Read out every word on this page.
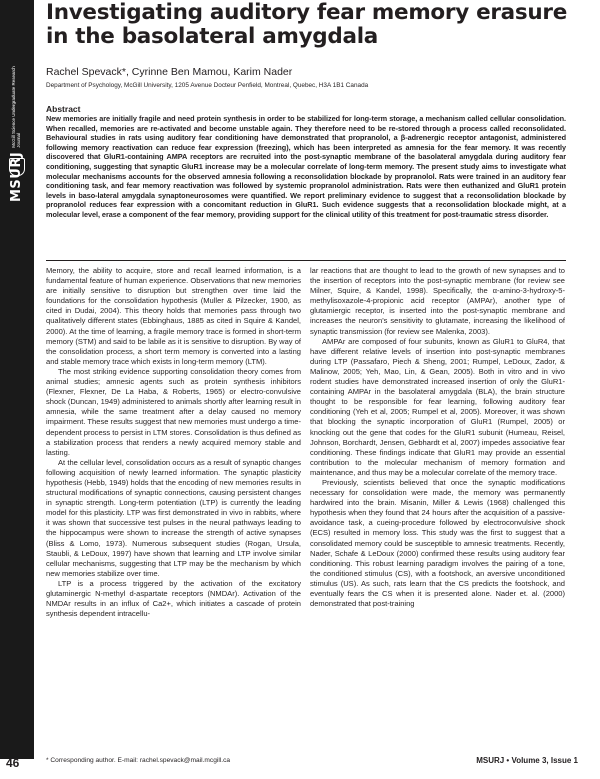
MSURJ
McGill Science Undergraduate Research Journal
Investigating auditory fear memory erasure in the basolateral amygdala
Rachel Spevack*, Cyrinne Ben Mamou, Karim Nader
Department of Psychology, McGill University, 1205 Avenue Docteur Penfield, Montreal, Quebec, H3A 1B1 Canada
Abstract

New memories are initially fragile and need protein synthesis in order to be stabilized for long-term storage, a mechanism called cellular consolidation. When recalled, memories are re-activated and become unstable again. They therefore need to be re-stored through a process called reconsolidated. Behavioural studies in rats using auditory fear conditioning have demonstrated that propranolol, a β-adrenergic receptor antagonist, administered following memory reactivation can reduce fear expression (freezing), which has been interpreted as amnesia for the fear memory. It was recently discovered that GluR1-containing AMPA receptors are recruited into the post-synaptic membrane of the basolateral amygdala during auditory fear conditioning, suggesting that synaptic GluR1 increase may be a molecular correlate of long-term memory. The present study aims to investigate what molecular mechanisms accounts for the observed amnesia following a reconsolidation blockade by propranolol. Rats were trained in an auditory fear conditioning task, and fear memory reactivation was followed by systemic propranolol administration. Rats were then euthanized and GluR1 protein levels in baso-lateral amygdala synaptoneurosomes were quantified. We report preliminary evidence to suggest that a reconsolidation blockade by propranolol reduces fear expression with a concomitant reduction in GluR1. Such evidence suggests that a reconsolidation blockade might, at a molecular level, erase a component of the fear memory, providing support for the clinical utility of this treatment for post-traumatic stress disorder.

Memory, the ability to acquire, store and recall learned information, is a fundamental feature of human experience. Observations that new memories are initially sensitive to disruption but strengthen over time laid the foundations for the consolidation hypothesis (Muller & Pilzecker, 1900, as cited in Dudai, 2004). This theory holds that memories pass through two qualitatively different states (Ebbinghaus, 1885 as cited in Squire & Kandel, 2000). At the time of learning, a fragile memory trace is formed in short-term memory (STM) and said to be labile as it is sensitive to disruption. By way of the consolidation process, a short term memory is converted into a lasting and stable memory trace which exists in long-term memory (LTM).

The most striking evidence supporting consolidation theory comes from animal studies; amnesic agents such as protein synthesis inhibitors (Flexner, Flexner, De La Haba, & Roberts, 1965) or electro-convulsive shock (Duncan, 1949) administered to animals shortly after learning result in amnesia, while the same treatment after a delay caused no memory impairment. These results suggest that new memories must undergo a time-dependent process to persist in LTM stores. Consolidation is thus defined as a stabilization process that renders a newly acquired memory stable and lasting.

At the cellular level, consolidation occurs as a result of synaptic changes following acquisition of newly learned information. The synaptic plasticity hypothesis (Hebb, 1949) holds that the encoding of new memories results in structural modifications of synaptic connections, causing persistent changes in synaptic strength. Long-term potentiation (LTP) is currently the leading model for this plasticity. LTP was first demonstrated in vivo in rabbits, where it was shown that successive test pulses in the neural pathways leading to the hippocampus were shown to increase the strength of active synapses (Bliss & Lomo, 1973). Numerous subsequent studies (Rogan, Ursula, Staubli, & LeDoux, 1997) have shown that learning and LTP involve similar cellular mechanisms, suggesting that LTP may be the mechanism by which new memories stabilize over time.

LTP is a process triggered by the activation of the excitatory glutaminergic N-methyl d-aspartate receptors (NMDAr). Activation of the NMDAr results in an influx of Ca2+, which initiates a cascade of protein synthesis dependent intracellu-

lar reactions that are thought to lead to the growth of new synapses and to the insertion of receptors into the post-synaptic membrane (for review see Milner, Squire, & Kandel, 1998). Specifically, the α-amino-3-hydroxy-5-methylisoxazole-4-propionic acid receptor (AMPAr), another type of glutamiergic receptor, is inserted into the post-synaptic membrane and increases the neuron's sensitivity to glutamate, increasing the likelihood of synaptic transmission (for review see Malenka, 2003).

AMPAr are composed of four subunits, known as GluR1 to GluR4, that have different relative levels of insertion into post-synaptic membranes during LTP (Passafaro, Piech & Sheng, 2001; Rumpel, LeDoux, Zador, & Malinow, 2005; Yeh, Mao, Lin, & Gean, 2005). Both in vitro and in vivo rodent studies have demonstrated increased insertion of only the GluR1-containing AMPAr in the basolateral amygdala (BLA), the brain structure thought to be responsible for fear learning, following auditory fear conditioning (Yeh et al, 2005; Rumpel et al, 2005). Moreover, it was shown that blocking the synaptic incorporation of GluR1 (Rumpel, 2005) or knocking out the gene that codes for the GluR1 subunit (Humeau, Reisel, Johnson, Borchardt, Jensen, Gebhardt et al, 2007) impedes associative fear conditioning. These findings indicate that GluR1 may provide an essential contribution to the molecular mechanism of memory formation and maintenance, and thus may be a molecular correlate of the memory trace.

Previously, scientists believed that once the synaptic modifications necessary for consolidation were made, the memory was permanently hardwired into the brain. Misanin, Miller & Lewis (1968) challenged this hypothesis when they found that 24 hours after the acquisition of a passive-avoidance task, a cueing-procedure followed by electroconvulsive shock (ECS) resulted in memory loss. This study was the first to suggest that a consolidated memory could be susceptible to amnesic treatments. Recently, Nader, Schafe & LeDoux (2000) confirmed these results using auditory fear conditioning. This robust learning paradigm involves the pairing of a tone, the conditioned stimulus (CS), with a footshock, an aversive unconditioned stimulus (US). As such, rats learn that the CS predicts the footshock, and eventually fears the CS when it is presented alone. Nader et. al. (2000) demonstrated that post-training

46	* Corresponding author. E-mail: rachel.spevack@mail.mcgill.ca	MSURJ • Volume 3, Issue 1
